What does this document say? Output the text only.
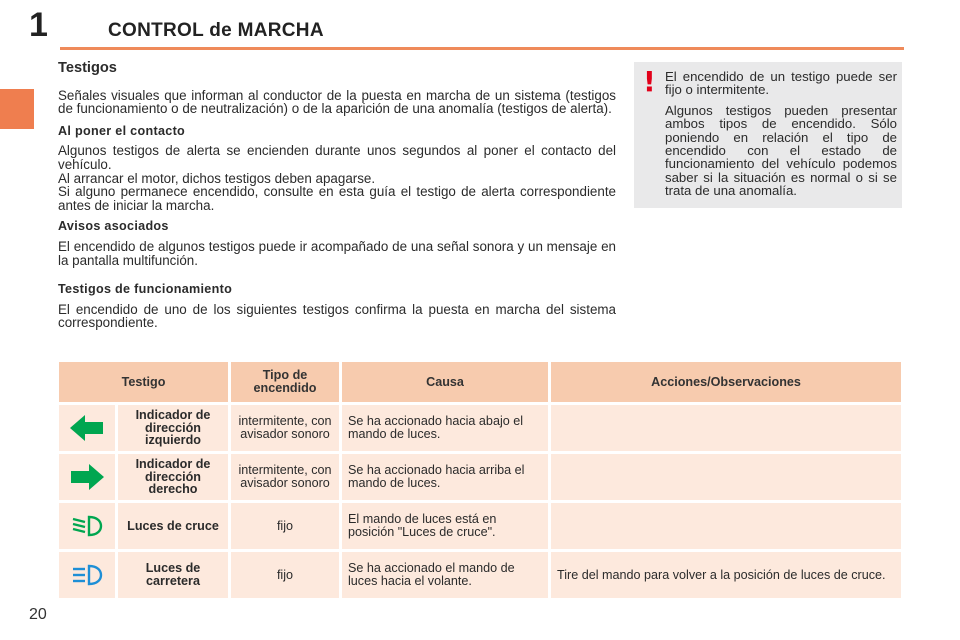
1	CONTROL de MARCHA
Testigos

Señales visuales que informan al conductor de la puesta en marcha de un sistema (testigos de funcionamiento o de neutralización) o de la aparición de una anomalía (testigos de alerta).

Al poner el contacto

Algunos testigos de alerta se encienden durante unos segundos al poner el contacto del vehículo.

Al arrancar el motor, dichos testigos deben apagarse.

Si alguno permanece encendido, consulte en esta guía el testigo de alerta correspondiente antes de iniciar la marcha.

Avisos asociados

El encendido de algunos testigos puede ir acompañado de una señal sonora y un mensaje en la pantalla multifunción.

Testigos de funcionamiento

El encendido de uno de los siguientes testigos confirma la puesta en marcha del sistema correspondiente.

! El encendido de un testigo puede ser fijo o intermitente.

Algunos testigos pueden presentar ambos tipos de encendido. Sólo poniendo en relación el tipo de encendido con el estado de funcionamiento del vehículo podemos saber si la situación es normal o si se trata de una anomalía.

Testigo		Tipo de encendido	Causa	Acciones/Observaciones

	Indicador de dirección izquierdo	intermitente, con avisador sonoro	Se ha accionado hacia abajo el mando de luces.	

	Indicador de dirección derecho	intermitente, con avisador sonoro	Se ha accionado hacia arriba el mando de luces.	

	Luces de cruce	fijo	El mando de luces está en posición "Luces de cruce".	

	Luces de carretera	fijo	Se ha accionado el mando de luces hacia el volante.	Tire del mando para volver a la posición de luces de cruce.
20
